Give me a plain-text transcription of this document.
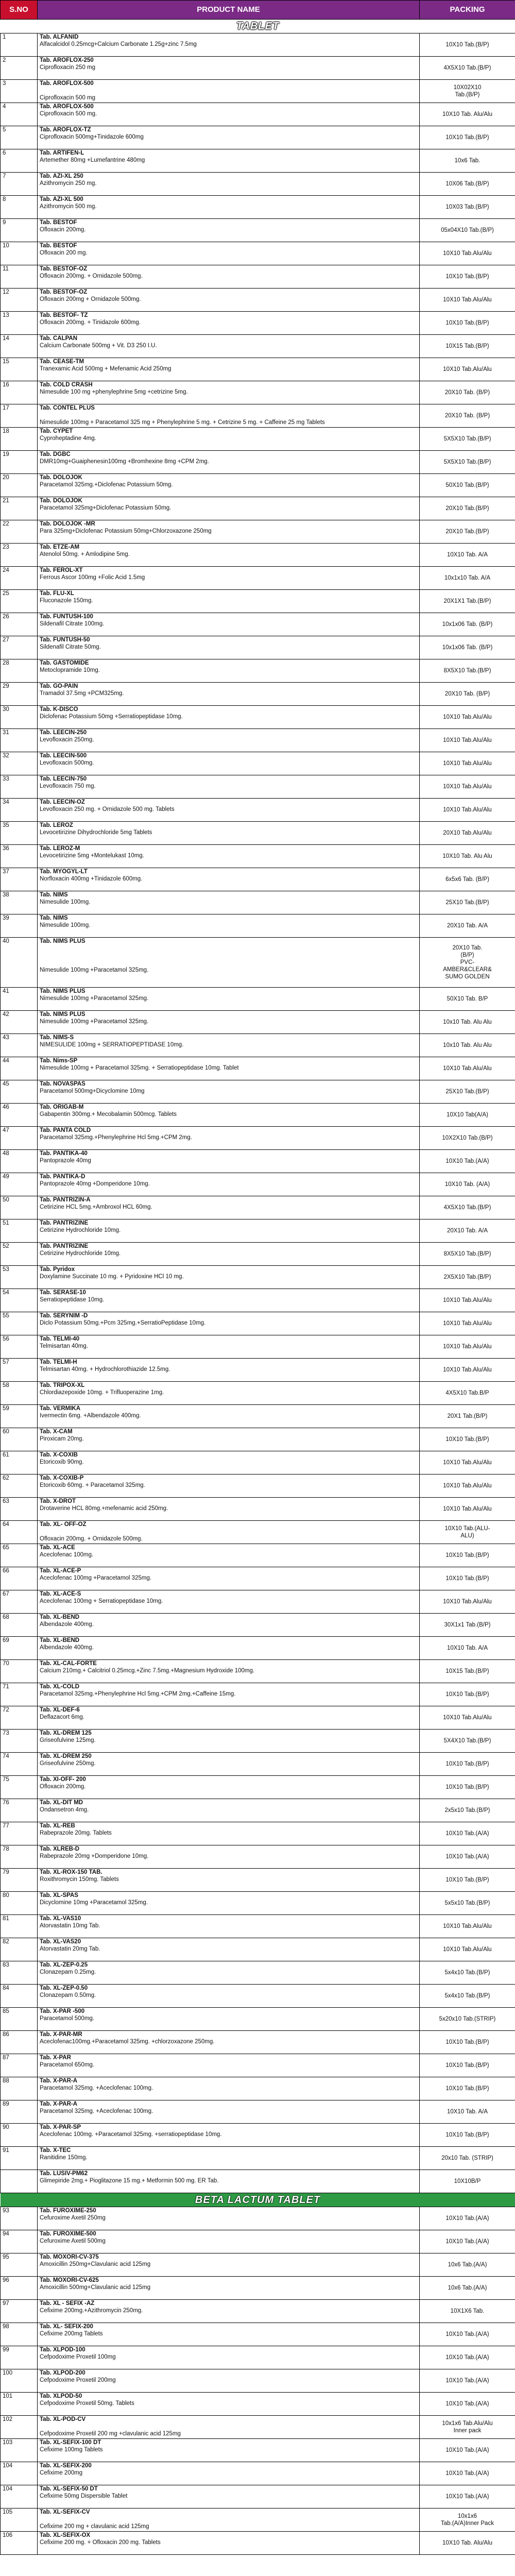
S.NO	PRODUCT NAME	PACKING
TABLET		
1	Tab. ALFANID
Alfacalcidol 0.25mcg+Calcium Carbonate 1.25g+zinc 7.5mg	10X10 Tab.(B/P)
2	Tab. AROFLOX-250
Ciprofloxacin 250 mg	4X5X10 Tab.(B/P)
3	Tab. AROFLOX-500

Ciprofloxacin 500 mg	10X02X10
Tab.(B/P)
4	Tab. AROFLOX-500
Ciprofloxacin 500 mg.	10X10 Tab. Alu/Alu
5	Tab. AROFLOX-TZ
Ciprofloxacin 500mg+Tinidazole 600mg	10X10 Tab.(B/P)
6	Tab. ARTIFEN-L
Artemether 80mg +Lumefantrine 480mg	10x6 Tab.
7	Tab. AZI-XL 250
Azithromycin 250 mg.	10X06 Tab.(B/P)
8	Tab. AZI-XL 500
Azithromycin 500 mg.	10X03 Tab.(B/P)
9	Tab. BESTOF
Ofloxacin 200mg.	05x04X10 Tab.(B/P)
10	Tab. BESTOF
Ofloxacin 200 mg.	10X10 Tab.Alu/Alu
11	Tab. BESTOF-OZ
Ofloxacin 200mg. + Ornidazole 500mg.	10X10 Tab.(B/P)
12	Tab. BESTOF-OZ
Ofloxacin 200mg + Ornidazole 500mg.	10X10 Tab.Alu/Alu
13	Tab. BESTOF- TZ
Ofloxacin 200mg. + Tinidazole 600mg.	10X10 Tab.(B/P)
14	Tab. CALPAN
Calcium Carbonate 500mg + Vit. D3 250 I.U.	10X15 Tab.(B/P)
15	Tab. CEASE-TM
Tranexamic Acid 500mg + Mefenamic Acid 250mg	10X10 Tab.Alu/Alu
16	Tab. COLD CRASH
Nimesulide 100 mg +phenylephrine 5mg +cetrizine 5mg.	20X10 Tab. (B/P)
17	Tab. CONTEL PLUS

Nimesulide 100mg + Paracetamol 325 mg + Phenylephrine 5 mg. + Cetrizine 5 mg. + Caffeine 25 mg Tablets	20X10 Tab. (B/P)
18	Tab. CYPET
Cyproheptadine 4mg.	5X5X10 Tab.(B/P)
19	Tab. DGBC
DMR10mg+Guaiphenesin100mg +Bromhexine 8mg +CPM 2mg.	5X5X10 Tab.(B/P)
20	Tab. DOLOJOK
Paracetamol 325mg.+Diclofenac Potassium 50mg.	50X10 Tab.(B/P)
21	Tab. DOLOJOK
Paracetamol 325mg+Diclofenac Potassium 50mg.	20X10 Tab.(B/P)
22	Tab. DOLOJOK -MR
Para 325mg+Diclofenac Potassium 50mg+Chlorzoxazone 250mg	20X10 Tab.(B/P)
23	Tab. ETZE-AM
Atenolol 50mg. + Amlodipine 5mg.	10X10 Tab. A/A
24	Tab. FEROL-XT
Ferrous Ascor 100mg +Folic Acid 1.5mg	10x1x10 Tab. A/A
25	Tab. FLU-XL
Fluconazole 150mg.	20X1X1 Tab.(B/P)
26	Tab. FUNTUSH-100
Sildenafil Citrate 100mg.	10x1x06 Tab. (B/P)
27	Tab. FUNTUSH-50
Sildenafil Citrate 50mg.	10x1x06 Tab. (B/P)
28	Tab. GASTOMIDE
Metoclopramide 10mg.	8X5X10 Tab.(B/P)
29	Tab. GO-PAIN
Tramadol 37.5mg +PCM325mg.	20X10 Tab. (B/P)
30	Tab. K-DISCO
Diclofenac Potassium 50mg +Serratiopeptidase 10mg.	10X10 Tab.Alu/Alu
31	Tab. LEECIN-250
Levofloxacin 250mg.	10X10 Tab.Alu/Alu
32	Tab. LEECIN-500
Levofloxacin 500mg.	10X10 Tab.Alu/Alu
33	Tab. LEECIN-750
Levofloxacin 750 mg.	10X10 Tab.Alu/Alu
34	Tab. LEECIN-OZ
Levofloxacin 250 mg. + Ornidazole 500 mg. Tablets	10X10 Tab.Alu/Alu
35	Tab. LEROZ
Levocetirizine Dihydrochloride 5mg Tablets	20X10 Tab.Alu/Alu
36	Tab. LEROZ-M
Levocetirizine 5mg +Montelukast 10mg.	10X10 Tab. Alu Alu
37	Tab. MYOGYL-LT
Norfloxacin 400mg +Tinidazole 600mg.	6x5x6 Tab. (B/P)
38	Tab. NIMS
Nimesulide 100mg.	25X10 Tab.(B/P)
39	Tab. NIMS
Nimesulide 100mg.	20X10 Tab. A/A
40	Tab. NIMS PLUS

Nimesulide 100mg +Paracetamol 325mg.	20X10 Tab.
(B/P)
PVC-
AMBER&CLEAR&
SUMO GOLDEN
41	Tab. NIMS PLUS
Nimesulide 100mg +Paracetamol 325mg.	50X10 Tab. B/P
42	Tab. NIMS PLUS
Nimesulide 100mg +Paracetamol 325mg.	10x10 Tab. Alu Alu
43	Tab. NIMS-S
NIMESULIDE 100mg + SERRATIOPEPTIDASE 10mg.	10x10 Tab. Alu Alu
44	Tab. Nims-SP
Nimesulide 100mg + Paracetamol 325mg. + Serratiopeptidase 10mg. Tablet	10X10 Tab.Alu/Alu
45	Tab. NOVASPAS
Paracetamol 500mg+Dicyclomine 10mg	25X10 Tab.(B/P)
46	Tab. ORIGAB-M
Gabapentin 300mg.+ Mecobalamin 500mcg. Tablets	10X10 Tab(A/A)
47	Tab. PANTA COLD
Paracetamol 325mg.+Phenylephrine Hcl 5mg.+CPM 2mg.	10X2X10 Tab.(B/P)
48	Tab. PANTIKA-40
Pantoprazole 40mg	10X10 Tab.(A/A)
49	Tab. PANTIKA-D
Pantoprazole 40mg +Domperidone 10mg.	10X10 Tab. (A/A)
50	Tab. PANTRIZIN-A
Cetirizine HCL 5mg.+Ambroxol HCL 60mg.	4X5X10 Tab.(B/P)
51	Tab. PANTRIZINE
Cetirizine Hydrochloride 10mg.	20X10 Tab. A/A
52	Tab. PANTRIZINE
Cetirizine Hydrochloride 10mg.	8X5X10 Tab.(B/P)
53	Tab. Pyridox
Doxylamine Succinate 10 mg. + Pyridoxine HCl 10 mg.	2X5X10 Tab.(B/P)
54	Tab. SERASE-10
Serratiopeptidase 10mg.	10X10 Tab.Alu/Alu
55	Tab. SERYNIM -D
Diclo Potassium 50mg.+Pcm 325mg.+SerratioPeptidase 10mg.	10X10 Tab.Alu/Alu
56	Tab. TELMI-40
Telmisartan 40mg.	10X10 Tab.Alu/Alu
57	Tab. TELMI-H
Telmisartan 40mg. + Hydrochlorothiazide 12.5mg.	10X10 Tab.Alu/Alu
58	Tab. TRIPOX-XL
Chlordiazepoxide 10mg. + Trifluoperazine 1mg.	4X5X10 Tab.B/P
59	Tab. VERMIKA
Ivermectin 6mg. +Albendazole 400mg.	20X1 Tab.(B/P)
60	Tab. X-CAM
Piroxicam 20mg.	10X10 Tab.(B/P)
61	Tab. X-COXIB
Etoricoxib 90mg.	10X10 Tab.Alu/Alu
62	Tab. X-COXIB-P
Etoricoxib 60mg. + Paracetamol 325mg.	10X10 Tab.Alu/Alu
63	Tab. X-DROT
Drotaverine HCL 80mg.+mefenamic acid 250mg.	10X10 Tab.Alu/Alu
64	Tab. XL- OFF-OZ

Ofloxacin 200mg. + Ornidazole 500mg.	10X10 Tab.(ALU-
ALU)
65	Tab. XL-ACE
Aceclofenac 100mg.	10X10 Tab.(B/P)
66	Tab. XL-ACE-P
Aceclofenac 100mg +Paracetamol 325mg.	10X10 Tab.(B/P)
67	Tab. XL-ACE-S
Aceclofenac 100mg + Serratiopeptidase 10mg.	10X10 Tab.Alu/Alu
68	Tab. XL-BEND
Albendazole 400mg.	30X1x1 Tab.(B/P)
69	Tab. XL-BEND
Albendazole 400mg.	10X10 Tab. A/A
70	Tab. XL-CAL-FORTE
Calcium 210mg.+ Calcitriol 0.25mcg.+Zinc 7.5mg.+Magnesium Hydroxide 100mg.	10X15 Tab.(B/P)
71	Tab. XL-COLD
Paracetamol 325mg.+Phenylephrine Hcl 5mg.+CPM 2mg.+Caffeine 15mg.	10X10 Tab.(B/P)
72	Tab. XL-DEF-6
Deflazacort 6mg.	10X10 Tab.Alu/Alu
73	Tab. XL-DREM 125
Griseofulvine 125mg.	5X4X10 Tab.(B/P)
74	Tab. XL-DREM 250
Griseofulvine 250mg.	10X10 Tab.(B/P)
75	Tab. XI-OFF- 200
Ofloxacin 200mg.	10X10 Tab.(B/P)
76	Tab. XL-DIT MD
Ondansetron 4mg.	2x5x10 Tab.(B/P)
77	Tab. XL-REB
Rabeprazole 20mg. Tablets	10X10 Tab.(A/A)
78	Tab. XLREB-D
Rabeprazole 20mg +Domperidone 10mg.	10X10 Tab.(A/A)
79	Tab. XL-ROX-150 TAB.
Roxithromycin 150mg. Tablets	10X10 Tab.(B/P)
80	Tab. XL-SPAS
Dicyclomine 10mg +Paracetamol 325mg.	5x5x10 Tab.(B/P)
81	Tab. XL-VAS10
Atorvastatin 10mg Tab.	10X10 Tab.Alu/Alu
82	Tab. XL-VAS20
Atorvastatin 20mg Tab.	10X10 Tab.Alu/Alu
83	Tab. XL-ZEP-0.25
Clonazepam 0.25mg.	5x4x10 Tab.(B/P)
84	Tab. XL-ZEP-0.50
Clonazepam 0.50mg.	5x4x10 Tab.(B/P)
85	Tab. X-PAR -500
Paracetamol 500mg.	5x20x10 Tab.(STRIP)
86	Tab. X-PAR-MR
Aceclofenac100mg.+Paracetamol 325mg. +chlorzoxazone 250mg.	10X10 Tab.(B/P)
87	Tab. X-PAR
Paracetamol 650mg.	10X10 Tab.(B/P)
88	Tab. X-PAR-A
Paracetamol 325mg. +Aceclofenac 100mg.	10X10 Tab.(B/P)
89	Tab. X-PAR-A
Paracetamol 325mg. +Aceclofenac 100mg.	10X10 Tab. A/A
90	Tab. X-PAR-SP
Aceclofenac 100mg. +Paracetamol 325mg. +serratiopeptidase 10mg.	10X10 Tab.(B/P)
91	Tab. X-TEC
Ranitidine 150mg.	20x10 Tab. (STRIP)

	Tab. LUSIV-PM62
Glimepiride 2mg.+ Pioglitazone 15 mg.+ Metformin 500 mg. ER Tab.	10X10B/P
BETA LACTUM TABLET		
93	Tab. FUROXIME-250
Cefuroxime Axetil 250mg	10X10 Tab.(A/A)
94	Tab. FUROXIME-500
Cefuroxime Axetil 500mg	10X10 Tab.(A/A)
95	Tab. MOXORI-CV-375
Amoxicillin 250mg+Clavulanic acid 125mg	10x6 Tab.(A/A)
96	Tab. MOXORI-CV-625
Amoxicillin 500mg+Clavulanic acid 125mg	10x6 Tab.(A/A)
97	Tab. XL - SEFIX -AZ
Cefixime 200mg.+Azithromycin 250mg.	10X1X6 Tab.
98	Tab. XL- SEFIX-200
Cefixime 200mg Tablets	10X10 Tab.(A/A)
99	Tab. XLPOD-100
Cefpodoxime Proxetil 100mg	10X10 Tab.(A/A)
100	Tab. XLPOD-200
Cefpodoxime Proxetil 200mg	10X10 Tab.(A/A)
101	Tab. XLPOD-50
Cefpodoxime Proxetil 50mg. Tablets	10X10 Tab.(A/A)
102	Tab. XL-POD-CV

Cefpodoxime Proxetil 200 mg +clavulanic acid 125mg	10x1x6 Tab.Alu/Alu
Inner pack
103	Tab. XL-SEFIX-100 DT
Cefixime 100mg Tablets	10X10 Tab.(A/A)
104	Tab. XL-SEFIX-200
Cefixime 200mg	10X10 Tab.(A/A)
104	Tab. XL-SEFIX-50 DT
Cefixime 50mg Dispersible Tablet	10X10 Tab.(A/A)
105	Tab. XL-SEFIX-CV

Cefixime 200 mg + clavulanic acid 125mg	10x1x6
Tab.(A/A)Inner Pack
106	Tab. XL-SEFIX-OX
Cefixime 200 mg. + Ofloxacin 200 mg. Tablets	10X10 Tab. Alu/Alu
